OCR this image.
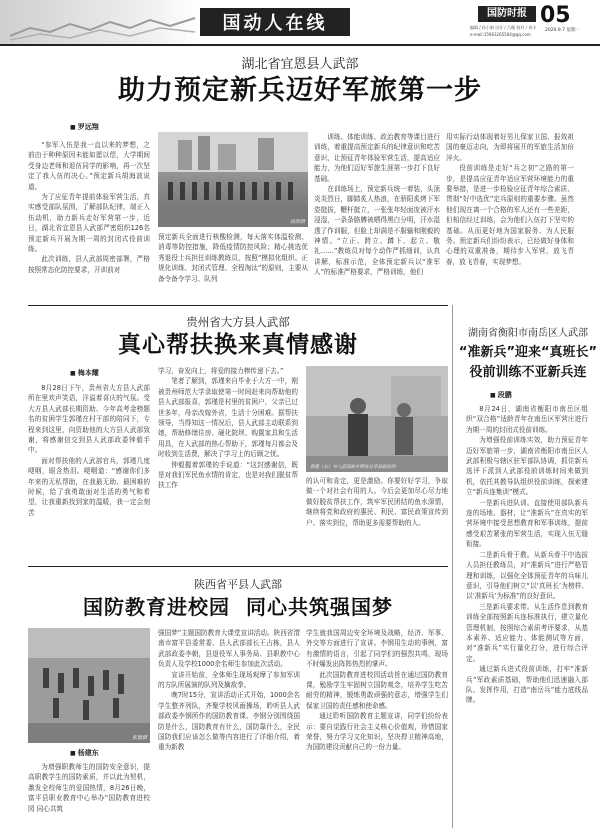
国动人在线	国防时报 05
2020.9.7 星期一
编辑 / 孙小娟 设计 / 吕薇 校对 / 刘丰
e-mail:15963265564@qq.com
湖北省宜恩县人武部
助力预定新兵迈好军旅第一步
■ 罗远翔

“参军入伍是我一直以来的梦想，之前由于种种原因未能如愿以偿，大学期间受身边老师和退伍同学的影响，再一次坚定了我入伍的决心。”预定新兵胡海波说道。

为了应征青年提前体验军营生活，真实感受部队氛围，了解部队纪律，端正入伍动机，助力新兵走好军营第一步，近日，湖北省宜恩县人武部严密组织126名预定新兵开展为期一周的封闭式役前训练。

此次训练，县人武部周密部署，严格按照常态化防控要求，开训前对

段晓摄

预定新兵全面进行核酸检测，每天落实体温检测、消毒等防控措施，降低疫情防控风险；精心挑选优秀退役士兵担任训练教练员，按照“模拟化组织、正规化训练、封闭式管理、全程淘汰”的原则，主要从备令备令学习、队列

训练、体能训练、政治教育等课目进行训练，着重提高预定新兵的纪律意识和吃苦意识，让预征青年体验军营生活，提高适应能力，为他们迈好军旅生涯第一步打下良好基础。

在训练场上，预定新兵统一着装，头顶炎炎烈日，脚踏炙人热浪，在骄阳炙烤下军姿挺拔，鞭杆挺立，一张张年轻面庞被汗水浸湿，一条条胳膊被晒得黑白分明，汗水湿透了作训服，但脸上却满是不服输和刚毅的神情。“立正、跨立、蹲下、起立、敬礼……”教练员对每个动作严抓细训，认真讲解，标准示范，全体预定新兵以“准军人”的标准严格要求，严格训练，他们

用实际行动体现着好男儿保家卫国、报效祖国的豪迈志向，为即将展开的军旅生活加倍淬火。

役前训练是走好“兵之初”之路的第一步，是提高应征青年适应军营环境能力的重要举措，是进一步检验应征青年综合素质、贯彻“好中选优”定兵原则的重要步骤。虽然他们现在离一个合格的军人还有一些差距，但相信经过训练，会为他们入伍打下坚实的基础。从而更好地为国家服务、为人民服务。预定新兵们纷纷表示，已经做好身体和心理的双重准备，期待步入军营，放飞青春，放飞青春，实现梦想。

贵州省大方县人武部
真心帮扶换来真情感谢
■ 梅本耀

8月28日下午，贵州省大方县人武部所在里欢声笑语，洋溢着喜庆的气氛。受大方县人武部长期资助、今年高考金榜题名的贫困学生郭瑾在村干部的陪同下，专程来到这里，向资助他的大方县人武部致谢，将感谢信交到县人武部政委钟毅手中。

面对帮扶他的人武部官兵，郭瑾几度哽咽，眼含热泪。哽咽道：“感谢你们多年来的无私帮助，在我最无助、最困难的时候，给了我勇敢面对生活的勇气和希望，让我重新找到家的温暖，我一定会刻苦

学习，奋发向上，将爱的接力棒传递下去。”

笔者了解到，郭瑾来自毕业于大方一中，刚被贵州师范大学录取使第一时间赶来向帮助他的县人武部报喜，郭瑾是村里的贫困户，父亲已过世多年，母亲改嫁外省，生活十分困难。据帮扶领导，当得知这一情况后，县人武部主动联系到她，帮助修缮住房、硬化院坝、购置家具和生活用具，在人武部的热心帮助下，郭瑾每月都会及时收到生活费，解决了学习上的后顾之忧。

钟毅握着郭瑾的手说道：“这封感谢信，既是对我们军民鱼水情的肯定，也是对我们脱贫帮扶工作

郭瑾（右）与人武部驻乡帮扶分享县政府的

的认可和肯定，更是激励。你要好好学习，争取做一个对社会有用的人。今后会更加尽心尽力地做好脱贫帮扶工作，筑牢军民团结的鱼水深情，继续将党和政府的惠民、利民、富民政策宣传到户、落实到位，帮助更多需要帮助的人。

湖南省衡阳市南岳区人武部
“准新兵”迎来“真班长”
役前训练不亚新兵连
■ 段鹏

8月24日，湖南省衡阳市南岳区组织“双合格”适龄青年在南岳区军营庄进行为期一周的封闭式役前训练。

为增强役前训练实效，助力预征青年迈好军旅第一步，湖南省衡阳市南岳区人武部积极与辖区驻军部队协调，抓住新兵选评下派到人武部役前训练时间来做到机，依托其教导队组织役前训练，探索建立“新兵连集训”模式。

一是新兵进队训。直接使用部队新兵连的场地、器材，让“准新兵”在真实的军营环境中接受思想教育和军事训练，提前感受艰苦紧张的军营生活，实现入伍无缝衔接。

二是新兵骨干教。从新兵骨干中选拔人员担任教练员，对“准新兵”进行严格管理和训练，以强化全体预征青年的兵味儿意识，引导他们树立“以‘真班长’为榜样、以‘准新兵’为标准”的良好意识。

三是新兵要求带。从生活作息到教育训练全部按照新兵连标准执行，建立量化管理机制，按照综合素质考评要求，从基本素养、适应能力、体能测试等方面，对“准新兵”实行量化打分，进行综合评定。

通过新兵进式役前训练，打牢“准新兵”军政素质基础，帮助他们迅速融入部队、发挥作用，打造“南岳兵”能力底线品牌。

陕西省平县人武部
国防教育进校园  同心共筑强国梦
张建摄
■ 杨建东

为增强职教师生的国防安全意识，提高职教学生的国防素质，并以此为契机，激发全校师生的爱国热情，8月26日晚，富平县职业教育中心举办“国防教育进校园 同心共筑

强国梦”主题国防教育大课堂宣讲活动。陕西省渭南市富平县委常委、县人武部部长王占栋，县人武部政委李朝，县退役军人事务局、县职教中心负责人及学校1000余名师生参加此次活动。

宣讲开始前，全体师生现场观摩了参加军训的方队所展演的队列及擒敌拳。

晚7时15分，宣讲活动正式开始，1000余名学生整齐列队，齐聚学校风雨操场，聆听县人武部政委李钢所作的国防教育课。李钢分别围绕国防是什么，国防教育有什么，国防靠什么，全民国防我们应该怎么做等内容进行了详细介绍，着重为新教

学生就我国周边安全环境及战略，经济、军事、外交等方面进行了宣讲。李钢用生动的事例，富有激情的语言，引起了同学们的强烈共鸣，现场不时爆发出阵阵热烈的掌声。

此次国防教育进校园活动旨在通过国防教育课，勉励学生牢固树立国防观念，培养学生吃苦耐劳的精神，锻炼勇敢顽强的意志，增强学生们保家卫国的责任感和使命感。

通过聆听国防教育主题宣讲，同学们纷纷表示：要自觉践行社会主义核心价值观，珍惜国家荣誉，努力学习文化知识，坚决捍卫精神高地，为国防建设贡献自己的一份力量。
